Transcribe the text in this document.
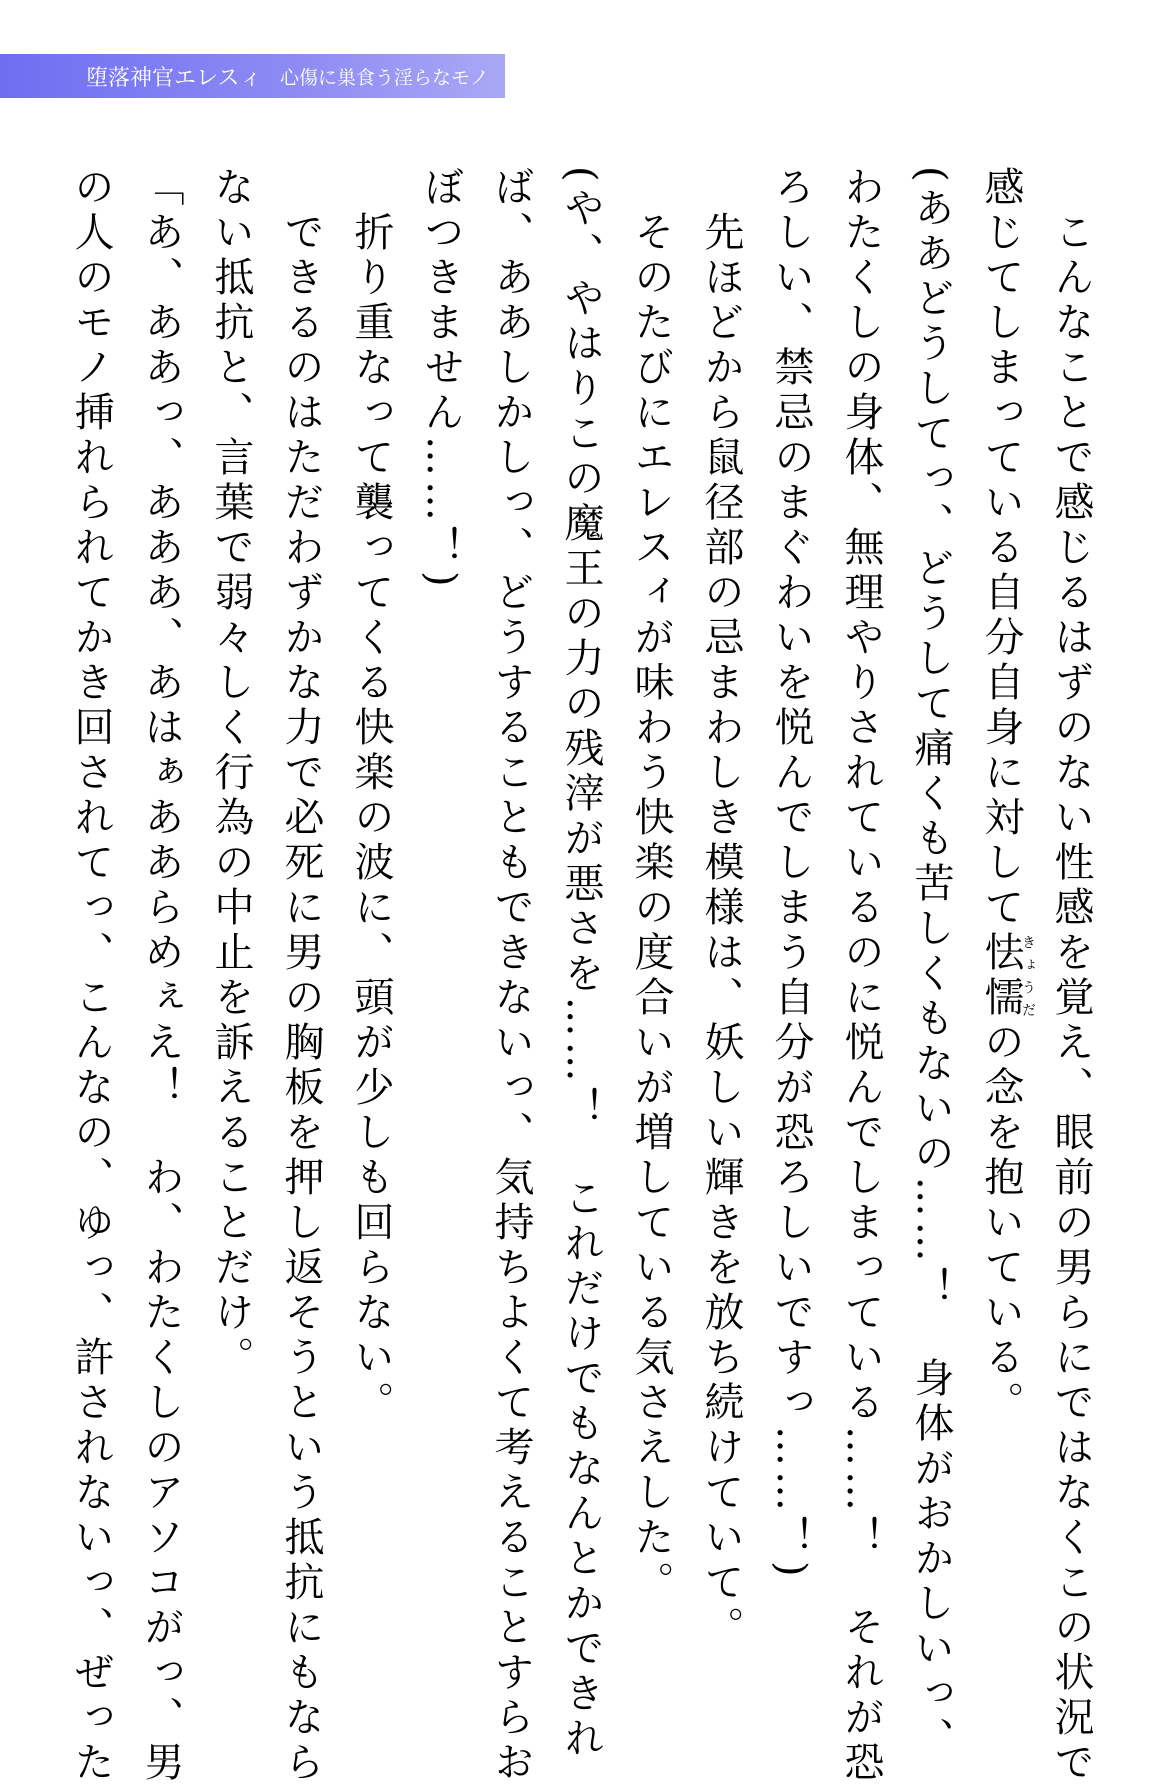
堕落神官エレスィ 心傷に巣食う淫らなモノ
　こんなことで感じるはずのない性感を覚え、眼前の男らにではなくこの状況で
感じてしまっている自分自身に対して怯懦きょうだの念を抱いている。
(ああどうしてっ、どうして痛くも苦しくもないの……！　身体がおかしいっ、
わたくしの身体、無理やりされているのに悦んでしまっている……！　それが恐
ろしい、禁忌のまぐわいを悦んでしまう自分が恐ろしいですっ……！)
　先ほどから鼠径部の忌まわしき模様は、妖しい輝きを放ち続けていて。
　そのたびにエレスィが味わう快楽の度合いが増している気さえした。
(や、やはりこの魔王の力の残滓が悪さを……！　これだけでもなんとかできれ
ば、ああしかしっ、どうすることもできないっ、気持ちよくて考えることすらお
ぼつきません……！)
　折り重なって襲ってくる快楽の波に、頭が少しも回らない。
　できるのはただわずかな力で必死に男の胸板を押し返そうという抵抗にもなら
ない抵抗と、言葉で弱々しく行為の中止を訴えることだけ。
「あ、ああっ、あああ、あはぁああらめぇえ！　わ、わたくしのアソコがっ、男
の人のモノ挿れられてかき回されてっ、こんなの、ゆっ、許されないっ、ぜった
